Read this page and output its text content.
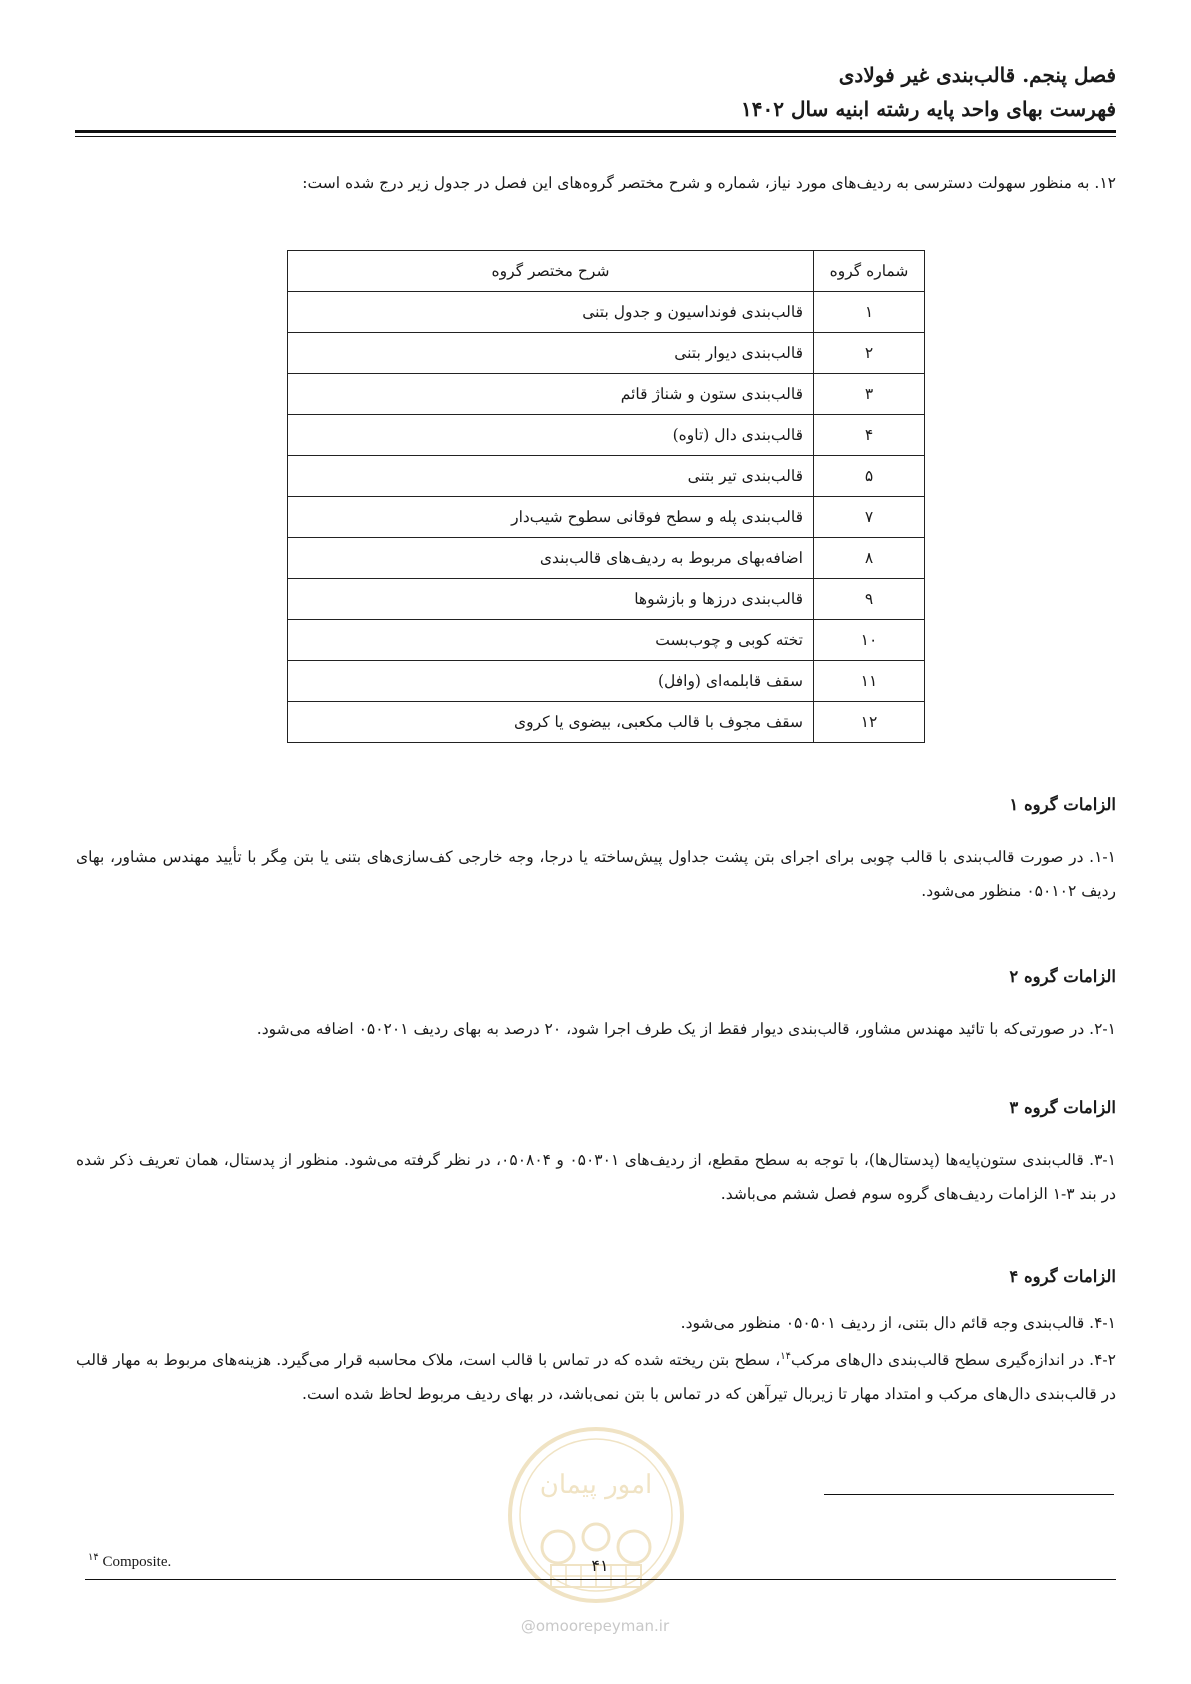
فصل پنجم. قالب‌بندی غیر فولادی
فهرست بهای واحد پایه رشته ابنیه سال ۱۴۰۲
۱۲. به منظور سهولت دسترسی به ردیف‌های مورد نیاز، شماره و شرح مختصر گروه‌های این فصل در جدول زیر درج شده است:
شماره گروه	شرح مختصر گروه
۱	قالب‌بندی فونداسیون و جدول بتنی
۲	قالب‌بندی دیوار بتنی
۳	قالب‌بندی ستون و شناژ قائم
۴	قالب‌بندی دال (تاوه)
۵	قالب‌بندی تیر بتنی
۷	قالب‌بندی پله و سطح فوقانی سطوح شیب‌دار
۸	اضافه‌بهای مربوط به ردیف‌های قالب‌بندی
۹	قالب‌بندی درزها و بازشوها
۱۰	تخته کوبی و چوب‌بست
۱۱	سقف قابلمه‌ای (وافل)
۱۲	سقف مجوف با قالب مکعبی، بیضوی یا کروی
الزامات گروه ۱
۱-۱. در صورت قالب‌بندی با قالب چوبی برای اجرای بتن پشت جداول پیش‌ساخته یا درجا، وجه خارجی کف‌سازی‌های بتنی یا بتن مِگر با تأیید مهندس مشاور، بهای ردیف ۰۵۰۱۰۲ منظور می‌شود.
الزامات گروه ۲
۲-۱. در صورتی‌که با تائید مهندس مشاور، قالب‌بندی دیوار فقط از یک طرف اجرا شود، ۲۰ درصد به بهای ردیف ۰۵۰۲۰۱ اضافه می‌شود.
الزامات گروه ۳
۳-۱. قالب‌بندی ستون‌پایه‌ها (پدستال‌ها)، با توجه به سطح مقطع، از ردیف‌های ۰۵۰۳۰۱ و ۰۵۰۸۰۴، در نظر گرفته می‌شود. منظور از پدستال، همان تعریف ذکر شده در بند ۳-۱ الزامات ردیف‌های گروه سوم فصل ششم می‌باشد.
الزامات گروه ۴
۴-۱. قالب‌بندی وجه قائم دال بتنی، از ردیف ۰۵۰۵۰۱ منظور می‌شود.
۴-۲. در اندازه‌گیری سطح قالب‌بندی دال‌های مرکب$^{۱۴}$، سطح بتن ریخته شده که در تماس با قالب است، ملاک محاسبه قرار می‌گیرد. هزینه‌های مربوط به مهار قالب در قالب‌بندی دال‌های مرکب و امتداد مهار تا زیربال تیرآهن که در تماس با بتن نمی‌باشد، در بهای ردیف مربوط لحاظ شده است.
امور پیمان
$^{۱۴}$ Composite.	۴۱
@omoorepeyman.ir
